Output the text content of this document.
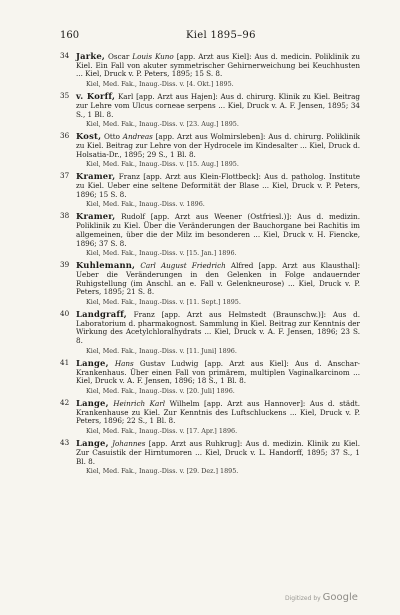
160	Kiel 1895–96
34 Jarke, Oscar Louis Kuno [app. Arzt aus Kiel]: Aus d. medicin. Poliklinik zu Kiel. Ein Fall von akuter symmetrischer Gehirnerweichung bei Keuchhusten ... Kiel, Druck v. P. Peters, 1895; 15 S. 8.
Kiel, Med. Fak., Inaug.-Diss. v. [4. Okt.] 1895.
35 v. Korff, Karl [app. Arzt aus Hajen]: Aus d. chirurg. Klinik zu Kiel. Beitrag zur Lehre vom Ulcus corneae serpens ... Kiel, Druck v. A. F. Jensen, 1895; 34 S., 1 Bl. 8.
Kiel, Med. Fak., Inaug.-Diss. v. [23. Aug.] 1895.
36 Kost, Otto Andreas [app. Arzt aus Wolmirsleben]: Aus d. chirurg. Poliklinik zu Kiel. Beitrag zur Lehre von der Hydrocele im Kindesalter ... Kiel, Druck d. Holsatia-Dr., 1895; 29 S., 1 Bl. 8.
Kiel, Med. Fak., Inaug.-Diss. v. [15. Aug.] 1895.
37 Kramer, Franz [app. Arzt aus Klein-Flottbeck]: Aus d. patholog. Institute zu Kiel. Ueber eine seltene Deformität der Blase ... Kiel, Druck v. P. Peters, 1896; 15 S. 8.
Kiel, Med. Fak., Inaug.-Diss. v. 1896.
38 Kramer, Rudolf [app. Arzt aus Weener (Ostfriesl.)]: Aus d. medizin. Poliklinik zu Kiel. Über die Veränderungen der Bauchorgane bei Rachitis im allgemeinen, über die der Milz im besonderen ... Kiel, Druck v. H. Fiencke, 1896; 37 S. 8.
Kiel, Med. Fak., Inaug.-Diss. v. [15. Jan.] 1896.
39 Kuhlemann, Carl August Friedrich Alfred [app. Arzt aus Klausthal]: Ueber die Veränderungen in den Gelenken in Folge andauernder Ruhigstellung (im Anschl. an e. Fall v. Gelenkneurose) ... Kiel, Druck v. P. Peters, 1895; 21 S. 8.
Kiel, Med. Fak., Inaug.-Diss. v. [11. Sept.] 1895.
40 Landgraff, Franz [app. Arzt aus Helmstedt (Braunschw.)]: Aus d. Laboratorium d. pharmakognost. Sammlung in Kiel. Beitrag zur Kenntnis der Wirkung des Acetylchloralhydrats ... Kiel, Druck v. A. F. Jensen, 1896; 23 S. 8.
Kiel, Med. Fak., Inaug.-Diss. v. [11. Juni] 1896.
41 Lange, Hans Gustav Ludwig [app. Arzt aus Kiel]: Aus d. Anschar-Krankenhaus. Über einen Fall von primärem, multiplen Vaginalkarcinom ... Kiel, Druck v. A. F. Jensen, 1896; 18 S., 1 Bl. 8.
Kiel, Med. Fak., Inaug.-Diss. v. [20. Juli] 1896.
42 Lange, Heinrich Karl Wilhelm [app. Arzt aus Hannover]: Aus d. städt. Krankenhause zu Kiel. Zur Kenntnis des Luftschluckens ... Kiel, Druck v. P. Peters, 1896; 22 S., 1 Bl. 8.
Kiel, Med. Fak., Inaug.-Diss. v. [17. Apr.] 1896.
43 Lange, Johannes [app. Arzt aus Ruhkrug]: Aus d. medizin. Klinik zu Kiel. Zur Casuistik der Hirntumoren ... Kiel, Druck v. L. Handorff, 1895; 37 S., 1 Bl. 8.
Kiel, Med. Fak., Inaug.-Diss. v. [29. Dez.] 1895.
Digitized by Google
